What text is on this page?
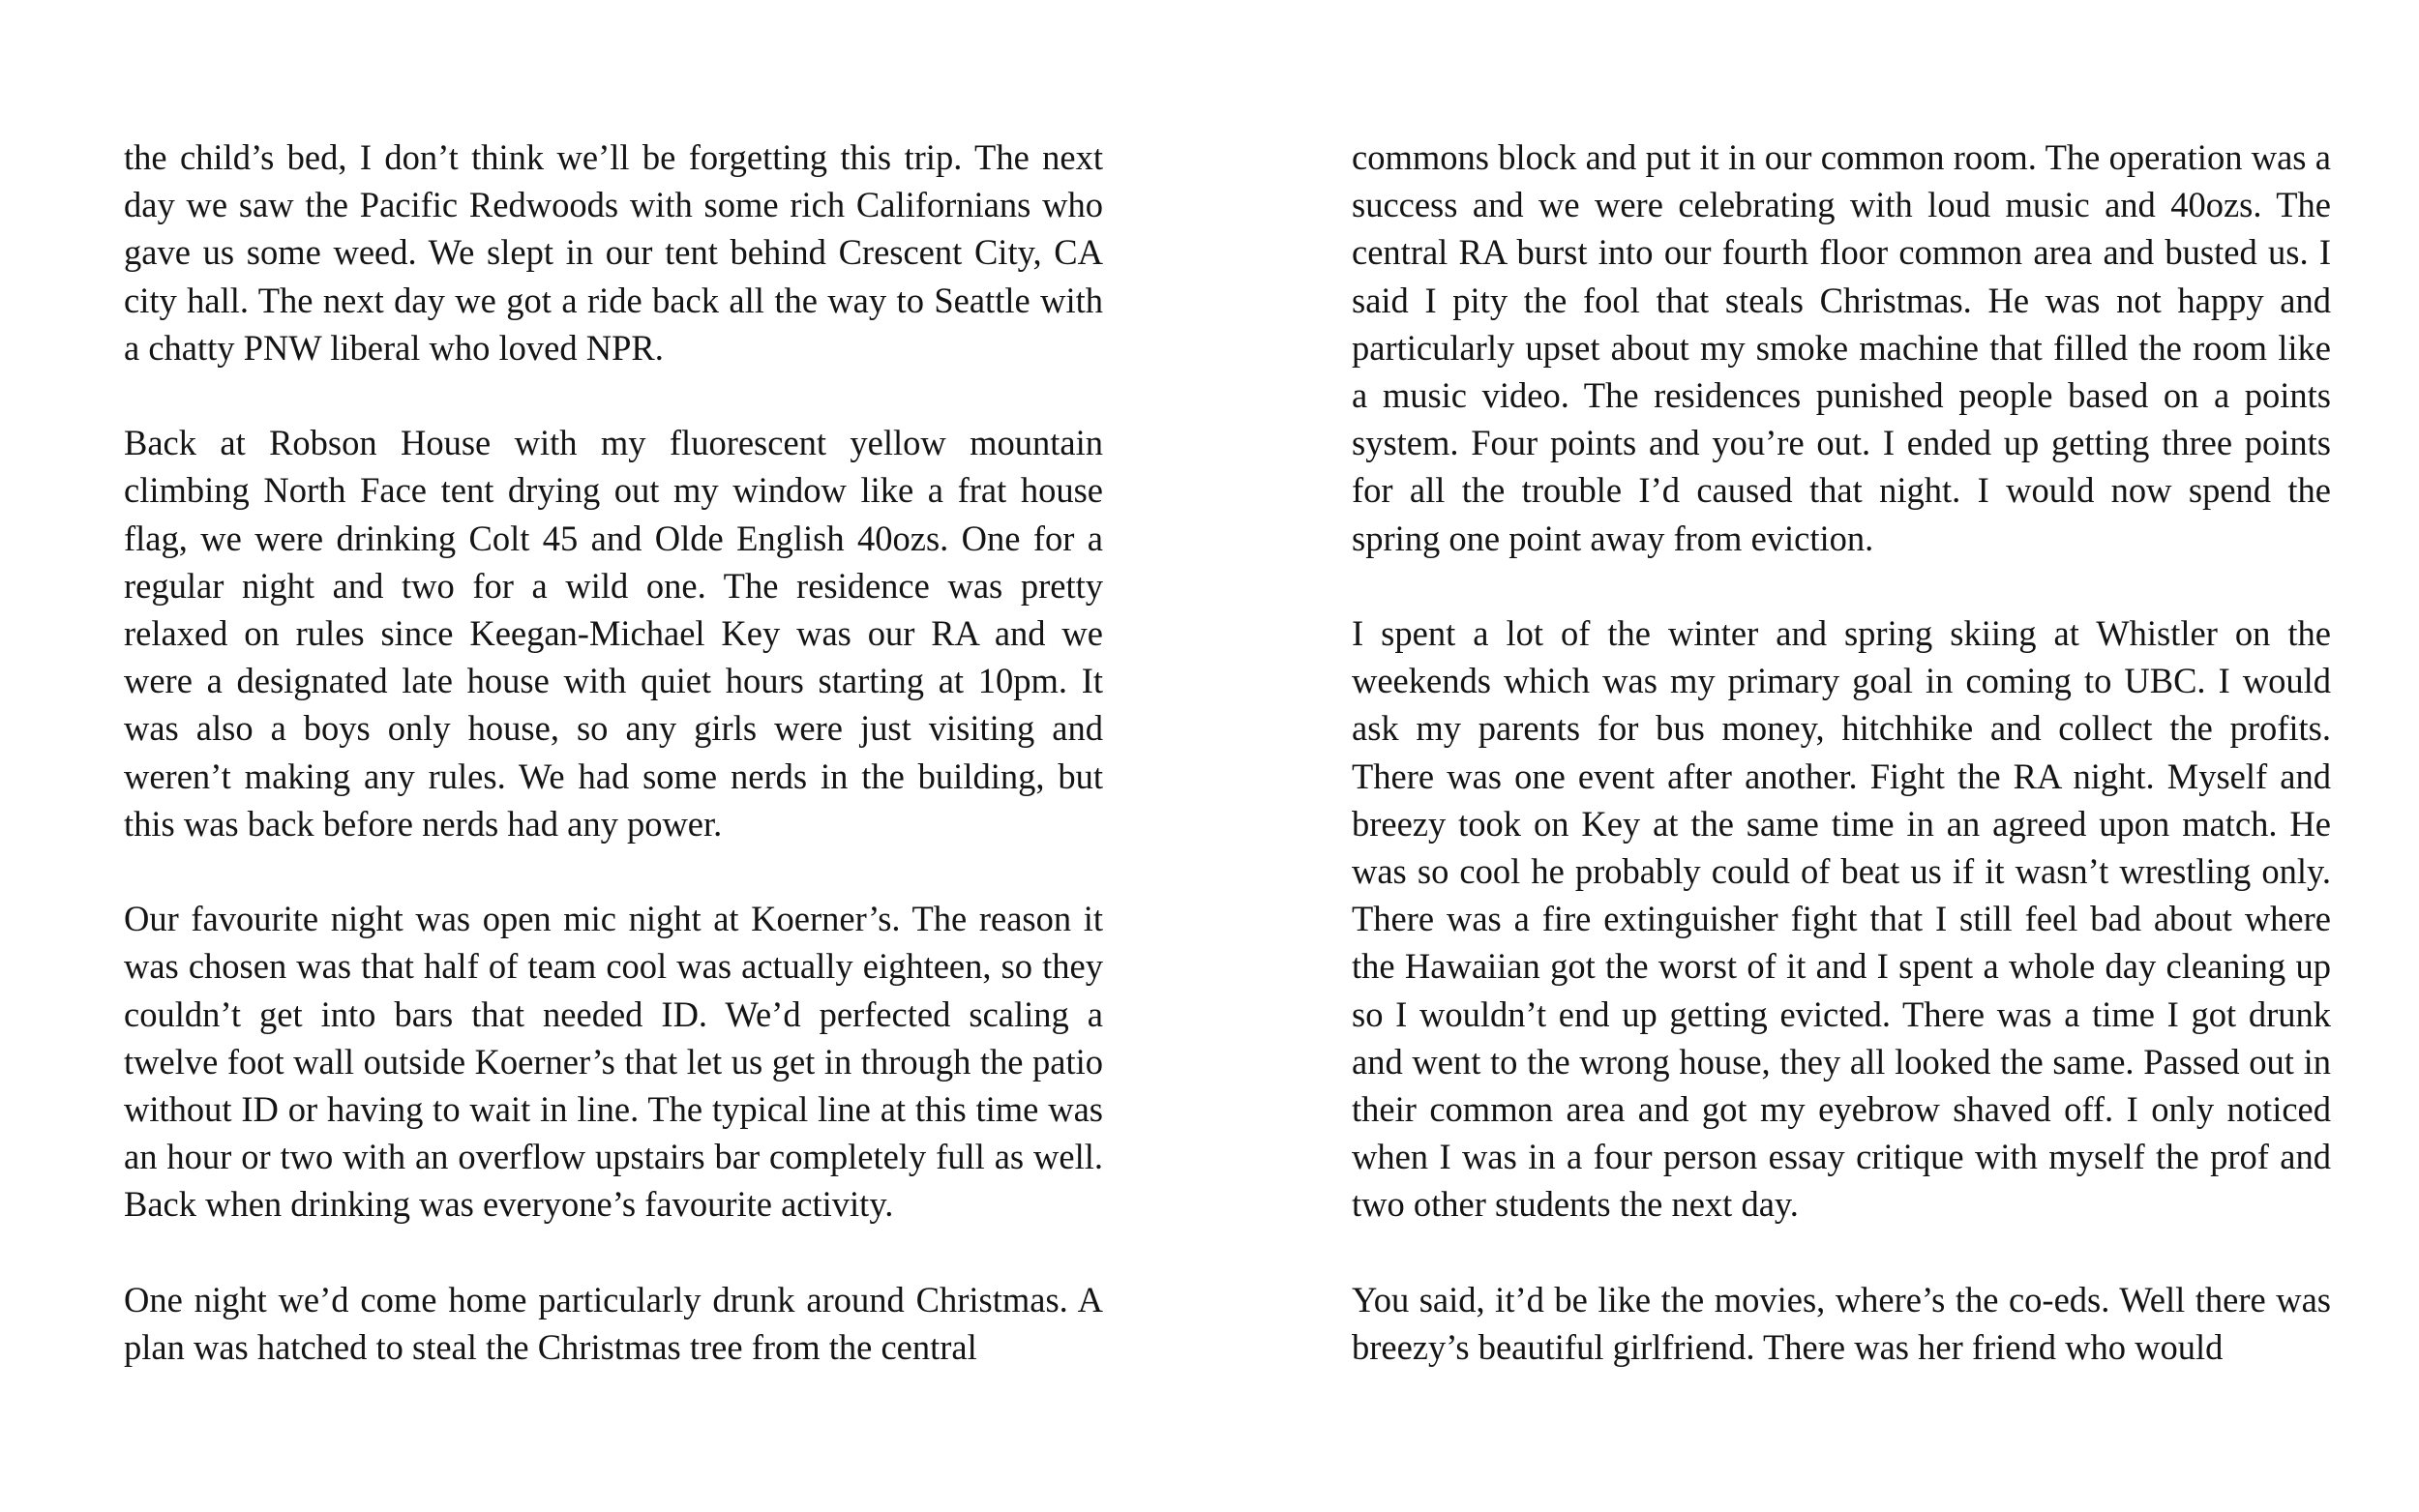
the child’s bed, I don’t think we’ll be forgetting this trip. The next day we saw the Pacific Redwoods with some rich Californians who gave us some weed. We slept in our tent behind Crescent City, CA city hall. The next day we got a ride back all the way to Seattle with a chatty PNW liberal who loved NPR.

Back at Robson House with my fluorescent yellow mountain climbing North Face tent drying out my window like a frat house flag, we were drinking Colt 45 and Olde English 40ozs. One for a regular night and two for a wild one. The residence was pretty relaxed on rules since Keegan-Michael Key was our RA and we were a designated late house with quiet hours starting at 10pm. It was also a boys only house, so any girls were just visiting and weren’t making any rules. We had some nerds in the building, but this was back before nerds had any power.

Our favourite night was open mic night at Koerner’s. The reason it was chosen was that half of team cool was actually eighteen, so they couldn’t get into bars that needed ID. We’d perfected scaling a twelve foot wall outside Koerner’s that let us get in through the patio without ID or having to wait in line. The typical line at this time was an hour or two with an overflow upstairs bar completely full as well. Back when drinking was everyone’s favourite activity.

One night we’d come home particularly drunk around Christmas. A plan was hatched to steal the Christmas tree from the central

commons block and put it in our common room. The operation was a success and we were celebrating with loud music and 40ozs. The central RA burst into our fourth floor common area and busted us. I said I pity the fool that steals Christmas. He was not happy and particularly upset about my smoke machine that filled the room like a music video. The residences punished people based on a points system. Four points and you’re out. I ended up getting three points for all the trouble I’d caused that night. I would now spend the spring one point away from eviction.

I spent a lot of the winter and spring skiing at Whistler on the weekends which was my primary goal in coming to UBC. I would ask my parents for bus money, hitchhike and collect the profits. There was one event after another. Fight the RA night. Myself and breezy took on Key at the same time in an agreed upon match. He was so cool he probably could of beat us if it wasn’t wrestling only. There was a fire extinguisher fight that I still feel bad about where the Hawaiian got the worst of it and I spent a whole day cleaning up so I wouldn’t end up getting evicted. There was a time I got drunk and went to the wrong house, they all looked the same. Passed out in their common area and got my eyebrow shaved off. I only noticed when I was in a four person essay critique with myself the prof and two other students the next day.

You said, it’d be like the movies, where’s the co-eds. Well there was breezy’s beautiful girlfriend. There was her friend who would
